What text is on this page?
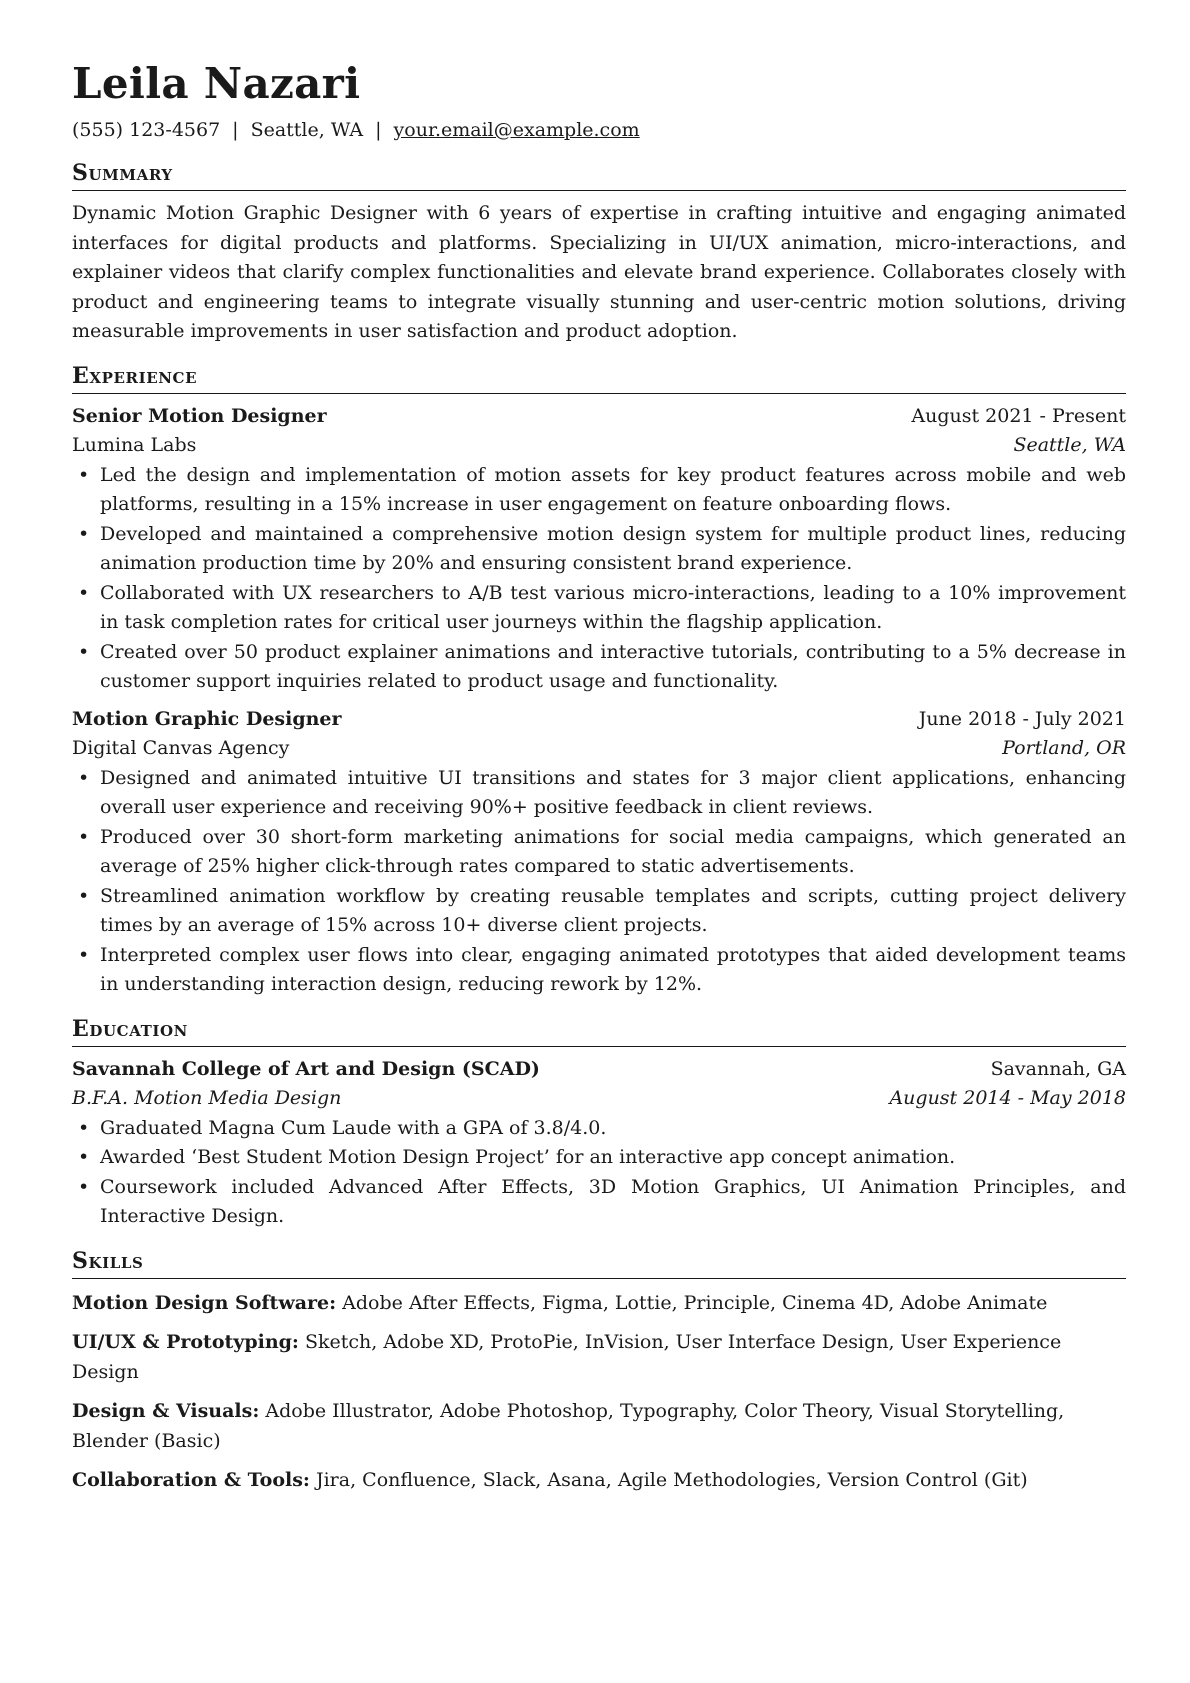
Leila Nazari
(555) 123-4567 | Seattle, WA | your.email@example.com
Summary

Dynamic Motion Graphic Designer with 6 years of expertise in crafting intuitive and engaging animated interfaces for digital products and platforms. Specializing in UI/UX animation, micro-interactions, and explainer videos that clarify complex functionalities and elevate brand experience. Collaborates closely with product and engineering teams to integrate visually stunning and user-centric motion solutions, driving measurable improvements in user satisfaction and product adoption.

Experience
Senior Motion Designer	August 2021 - Present
Lumina Labs	Seattle, WA
• Led the design and implementation of motion assets for key product features across mobile and web platforms, resulting in a 15% increase in user engagement on feature onboarding flows.
• Developed and maintained a comprehensive motion design system for multiple product lines, reducing animation production time by 20% and ensuring consistent brand experience.
• Collaborated with UX researchers to A/B test various micro-interactions, leading to a 10% improvement in task completion rates for critical user journeys within the flagship application.
• Created over 50 product explainer animations and interactive tutorials, contributing to a 5% decrease in customer support inquiries related to product usage and functionality.
Motion Graphic Designer	June 2018 - July 2021
Digital Canvas Agency	Portland, OR
• Designed and animated intuitive UI transitions and states for 3 major client applications, enhancing overall user experience and receiving 90%+ positive feedback in client reviews.
• Produced over 30 short-form marketing animations for social media campaigns, which generated an average of 25% higher click-through rates compared to static advertisements.
• Streamlined animation workflow by creating reusable templates and scripts, cutting project delivery times by an average of 15% across 10+ diverse client projects.
• Interpreted complex user flows into clear, engaging animated prototypes that aided development teams in understanding interaction design, reducing rework by 12%.
Education
Savannah College of Art and Design (SCAD)	Savannah, GA
B.F.A. Motion Media Design	August 2014 - May 2018
• Graduated Magna Cum Laude with a GPA of 3.8/4.0.
• Awarded ‘Best Student Motion Design Project’ for an interactive app concept animation.
• Coursework included Advanced After Effects, 3D Motion Graphics, UI Animation Principles, and Interactive Design.
Skills
Motion Design Software: Adobe After Effects, Figma, Lottie, Principle, Cinema 4D, Adobe Animate
UI/UX & Prototyping: Sketch, Adobe XD, ProtoPie, InVision, User Interface Design, User Experience Design
Design & Visuals: Adobe Illustrator, Adobe Photoshop, Typography, Color Theory, Visual Storytelling, Blender (Basic)
Collaboration & Tools: Jira, Confluence, Slack, Asana, Agile Methodologies, Version Control (Git)
